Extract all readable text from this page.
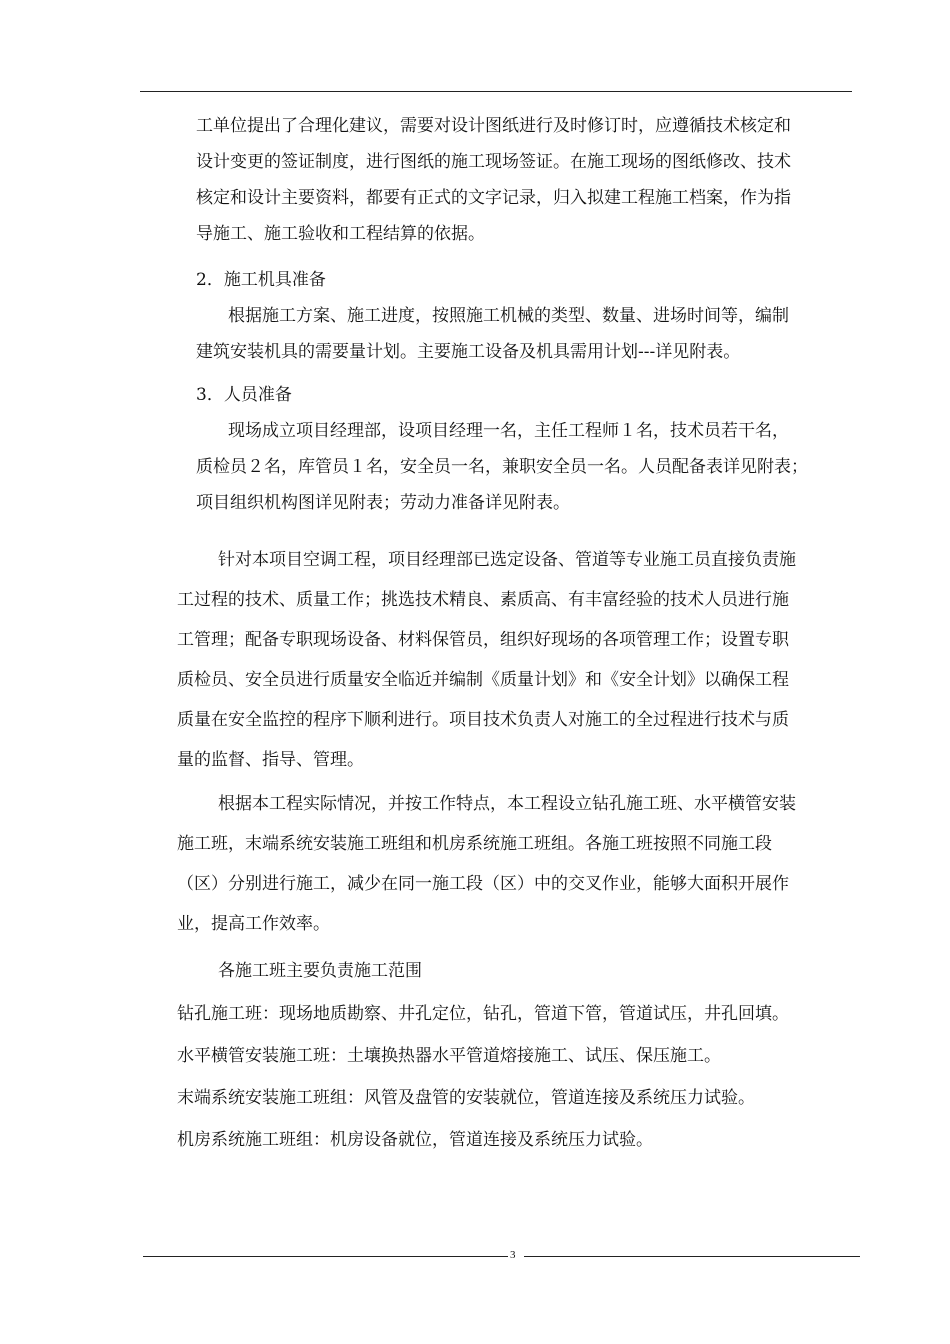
工单位提出了合理化建议，需要对设计图纸进行及时修订时，应遵循技术核定和
设计变更的签证制度，进行图纸的施工现场签证。在施工现场的图纸修改、技术
核定和设计主要资料，都要有正式的文字记录，归入拟建工程施工档案，作为指
导施工、施工验收和工程结算的依据。
2．施工机具准备
根据施工方案、施工进度，按照施工机械的类型、数量、进场时间等，编制
建筑安装机具的需要量计划。主要施工设备及机具需用计划---详见附表。
3．人员准备
现场成立项目经理部，设项目经理一名，主任工程师１名，技术员若干名，
质检员２名，库管员１名，安全员一名，兼职安全员一名。人员配备表详见附表；
项目组织机构图详见附表；劳动力准备详见附表。
针对本项目空调工程，项目经理部已选定设备、管道等专业施工员直接负责施
工过程的技术、质量工作；挑选技术精良、素质高、有丰富经验的技术人员进行施
工管理；配备专职现场设备、材料保管员，组织好现场的各项管理工作；设置专职
质检员、安全员进行质量安全临近并编制《质量计划》和《安全计划》以确保工程
质量在安全监控的程序下顺利进行。项目技术负责人对施工的全过程进行技术与质
量的监督、指导、管理。
根据本工程实际情况，并按工作特点，本工程设立钻孔施工班、水平横管安装
施工班，末端系统安装施工班组和机房系统施工班组。各施工班按照不同施工段
（区）分别进行施工，减少在同一施工段（区）中的交叉作业，能够大面积开展作
业，提高工作效率。
各施工班主要负责施工范围
钻孔施工班：现场地质勘察、井孔定位，钻孔，管道下管，管道试压，井孔回填。
水平横管安装施工班：土壤换热器水平管道熔接施工、试压、保压施工。
末端系统安装施工班组：风管及盘管的安装就位，管道连接及系统压力试验。
机房系统施工班组：机房设备就位，管道连接及系统压力试验。
3
